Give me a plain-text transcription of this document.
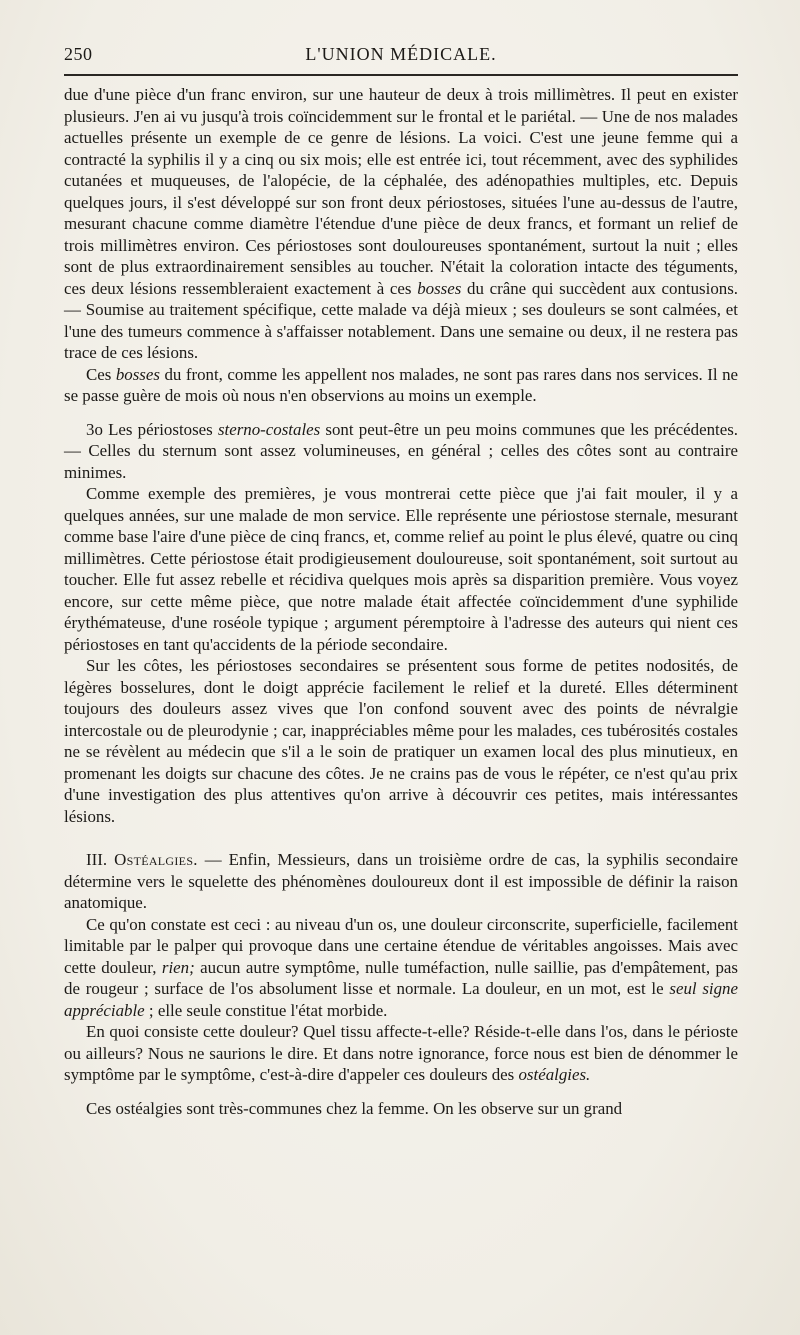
250	L'UNION MÉDICALE.

due d'une pièce d'un franc environ, sur une hauteur de deux à trois millimètres. Il peut en exister plusieurs. J'en ai vu jusqu'à trois coïncidemment sur le frontal et le pariétal. — Une de nos malades actuelles présente un exemple de ce genre de lésions. La voici. C'est une jeune femme qui a contracté la syphilis il y a cinq ou six mois; elle est entrée ici, tout récemment, avec des syphilides cutanées et muqueuses, de l'alopécie, de la céphalée, des adénopathies multiples, etc. Depuis quelques jours, il s'est développé sur son front deux périostoses, situées l'une au-dessus de l'autre, mesurant chacune comme diamètre l'étendue d'une pièce de deux francs, et formant un relief de trois millimètres environ. Ces périostoses sont douloureuses spontanément, surtout la nuit ; elles sont de plus extraordinairement sensibles au toucher. N'était la coloration intacte des téguments, ces deux lésions ressembleraient exactement à ces bosses du crâne qui succèdent aux contusions. — Soumise au traitement spécifique, cette malade va déjà mieux ; ses douleurs se sont calmées, et l'une des tumeurs commence à s'affaisser notablement. Dans une semaine ou deux, il ne restera pas trace de ces lésions.

Ces bosses du front, comme les appellent nos malades, ne sont pas rares dans nos services. Il ne se passe guère de mois où nous n'en observions au moins un exemple.

3o Les périostoses sterno-costales sont peut-être un peu moins communes que les précédentes. — Celles du sternum sont assez volumineuses, en général ; celles des côtes sont au contraire minimes.

Comme exemple des premières, je vous montrerai cette pièce que j'ai fait mouler, il y a quelques années, sur une malade de mon service. Elle représente une périostose sternale, mesurant comme base l'aire d'une pièce de cinq francs, et, comme relief au point le plus élevé, quatre ou cinq millimètres. Cette périostose était prodigieusement douloureuse, soit spontanément, soit surtout au toucher. Elle fut assez rebelle et récidiva quelques mois après sa disparition première. Vous voyez encore, sur cette même pièce, que notre malade était affectée coïncidemment d'une syphilide érythémateuse, d'une roséole typique ; argument péremptoire à l'adresse des auteurs qui nient ces périostoses en tant qu'accidents de la période secondaire.

Sur les côtes, les périostoses secondaires se présentent sous forme de petites nodosités, de légères bosselures, dont le doigt apprécie facilement le relief et la dureté. Elles déterminent toujours des douleurs assez vives que l'on confond souvent avec des points de névralgie intercostale ou de pleurodynie ; car, inappréciables même pour les malades, ces tubérosités costales ne se révèlent au médecin que s'il a le soin de pratiquer un examen local des plus minutieux, en promenant les doigts sur chacune des côtes. Je ne crains pas de vous le répéter, ce n'est qu'au prix d'une investigation des plus attentives qu'on arrive à découvrir ces petites, mais intéressantes lésions.

III. Ostéalgies. — Enfin, Messieurs, dans un troisième ordre de cas, la syphilis secondaire détermine vers le squelette des phénomènes douloureux dont il est impossible de définir la raison anatomique.

Ce qu'on constate est ceci : au niveau d'un os, une douleur circonscrite, superficielle, facilement limitable par le palper qui provoque dans une certaine étendue de véritables angoisses. Mais avec cette douleur, rien; aucun autre symptôme, nulle tuméfaction, nulle saillie, pas d'empâtement, pas de rougeur ; surface de l'os absolument lisse et normale. La douleur, en un mot, est le seul signe appréciable ; elle seule constitue l'état morbide.

En quoi consiste cette douleur? Quel tissu affecte-t-elle? Réside-t-elle dans l'os, dans le périoste ou ailleurs? Nous ne saurions le dire. Et dans notre ignorance, force nous est bien de dénommer le symptôme par le symptôme, c'est-à-dire d'appeler ces douleurs des ostéalgies.

Ces ostéalgies sont très-communes chez la femme. On les observe sur un grand
